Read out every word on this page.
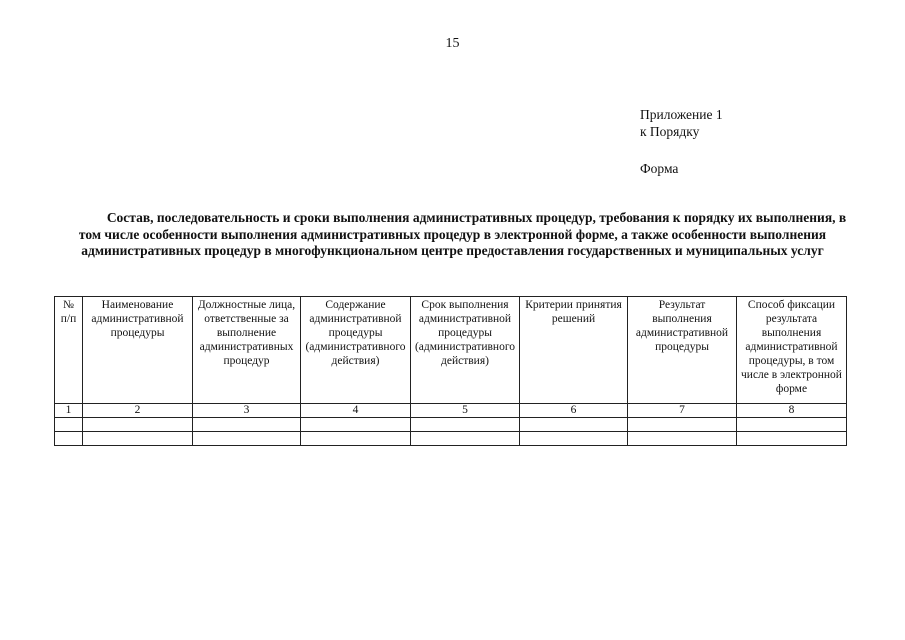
15
Приложение 1
к Порядку
Форма
Состав, последовательность и сроки выполнения административных процедур, требования к порядку их выполнения, в том числе особенности выполнения административных процедур в электронной форме, а также особенности выполнения административных процедур в многофункциональном центре предоставления государственных и муниципальных услуг
№ п/п	Наименование административной процедуры	Должностные лица, ответственные за выполнение административных процедур	Содержание административной процедуры (административного действия)	Срок выполнения административной процедуры (административного действия)	Критерии принятия решений	Результат выполнения административной процедуры	Способ фиксации результата выполнения административной процедуры, в том числе в электронной форме
1	2	3	4	5	6	7	8
